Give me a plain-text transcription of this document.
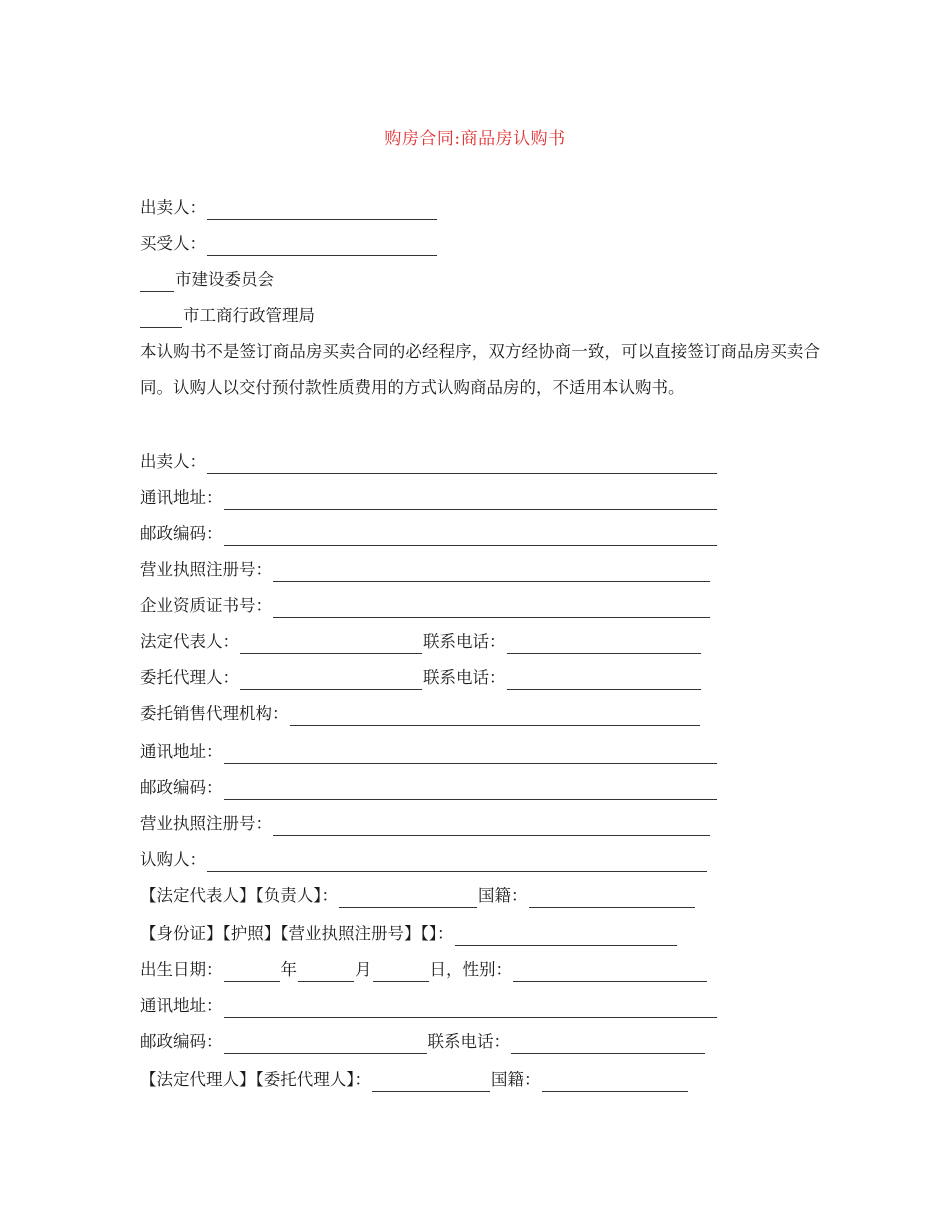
购房合同:商品房认购书
出卖人：
买受人：
市建设委员会
市工商行政管理局
本认购书不是签订商品房买卖合同的必经程序，双方经协商一致，可以直接签订商品房买卖合同。认购人以交付预付款性质费用的方式认购商品房的，不适用本认购书。
出卖人：
通讯地址：
邮政编码：
营业执照注册号：
企业资质证书号：
法定代表人：	联系电话：
委托代理人：	联系电话：
委托销售代理机构：
通讯地址：
邮政编码：
营业执照注册号：
认购人：
【法定代表人】【负责人】：	国籍：
【身份证】【护照】【营业执照注册号】【】：
出生日期：	年	月	日，性别：
通讯地址：
邮政编码：	联系电话：
【法定代理人】【委托代理人】：	国籍：
